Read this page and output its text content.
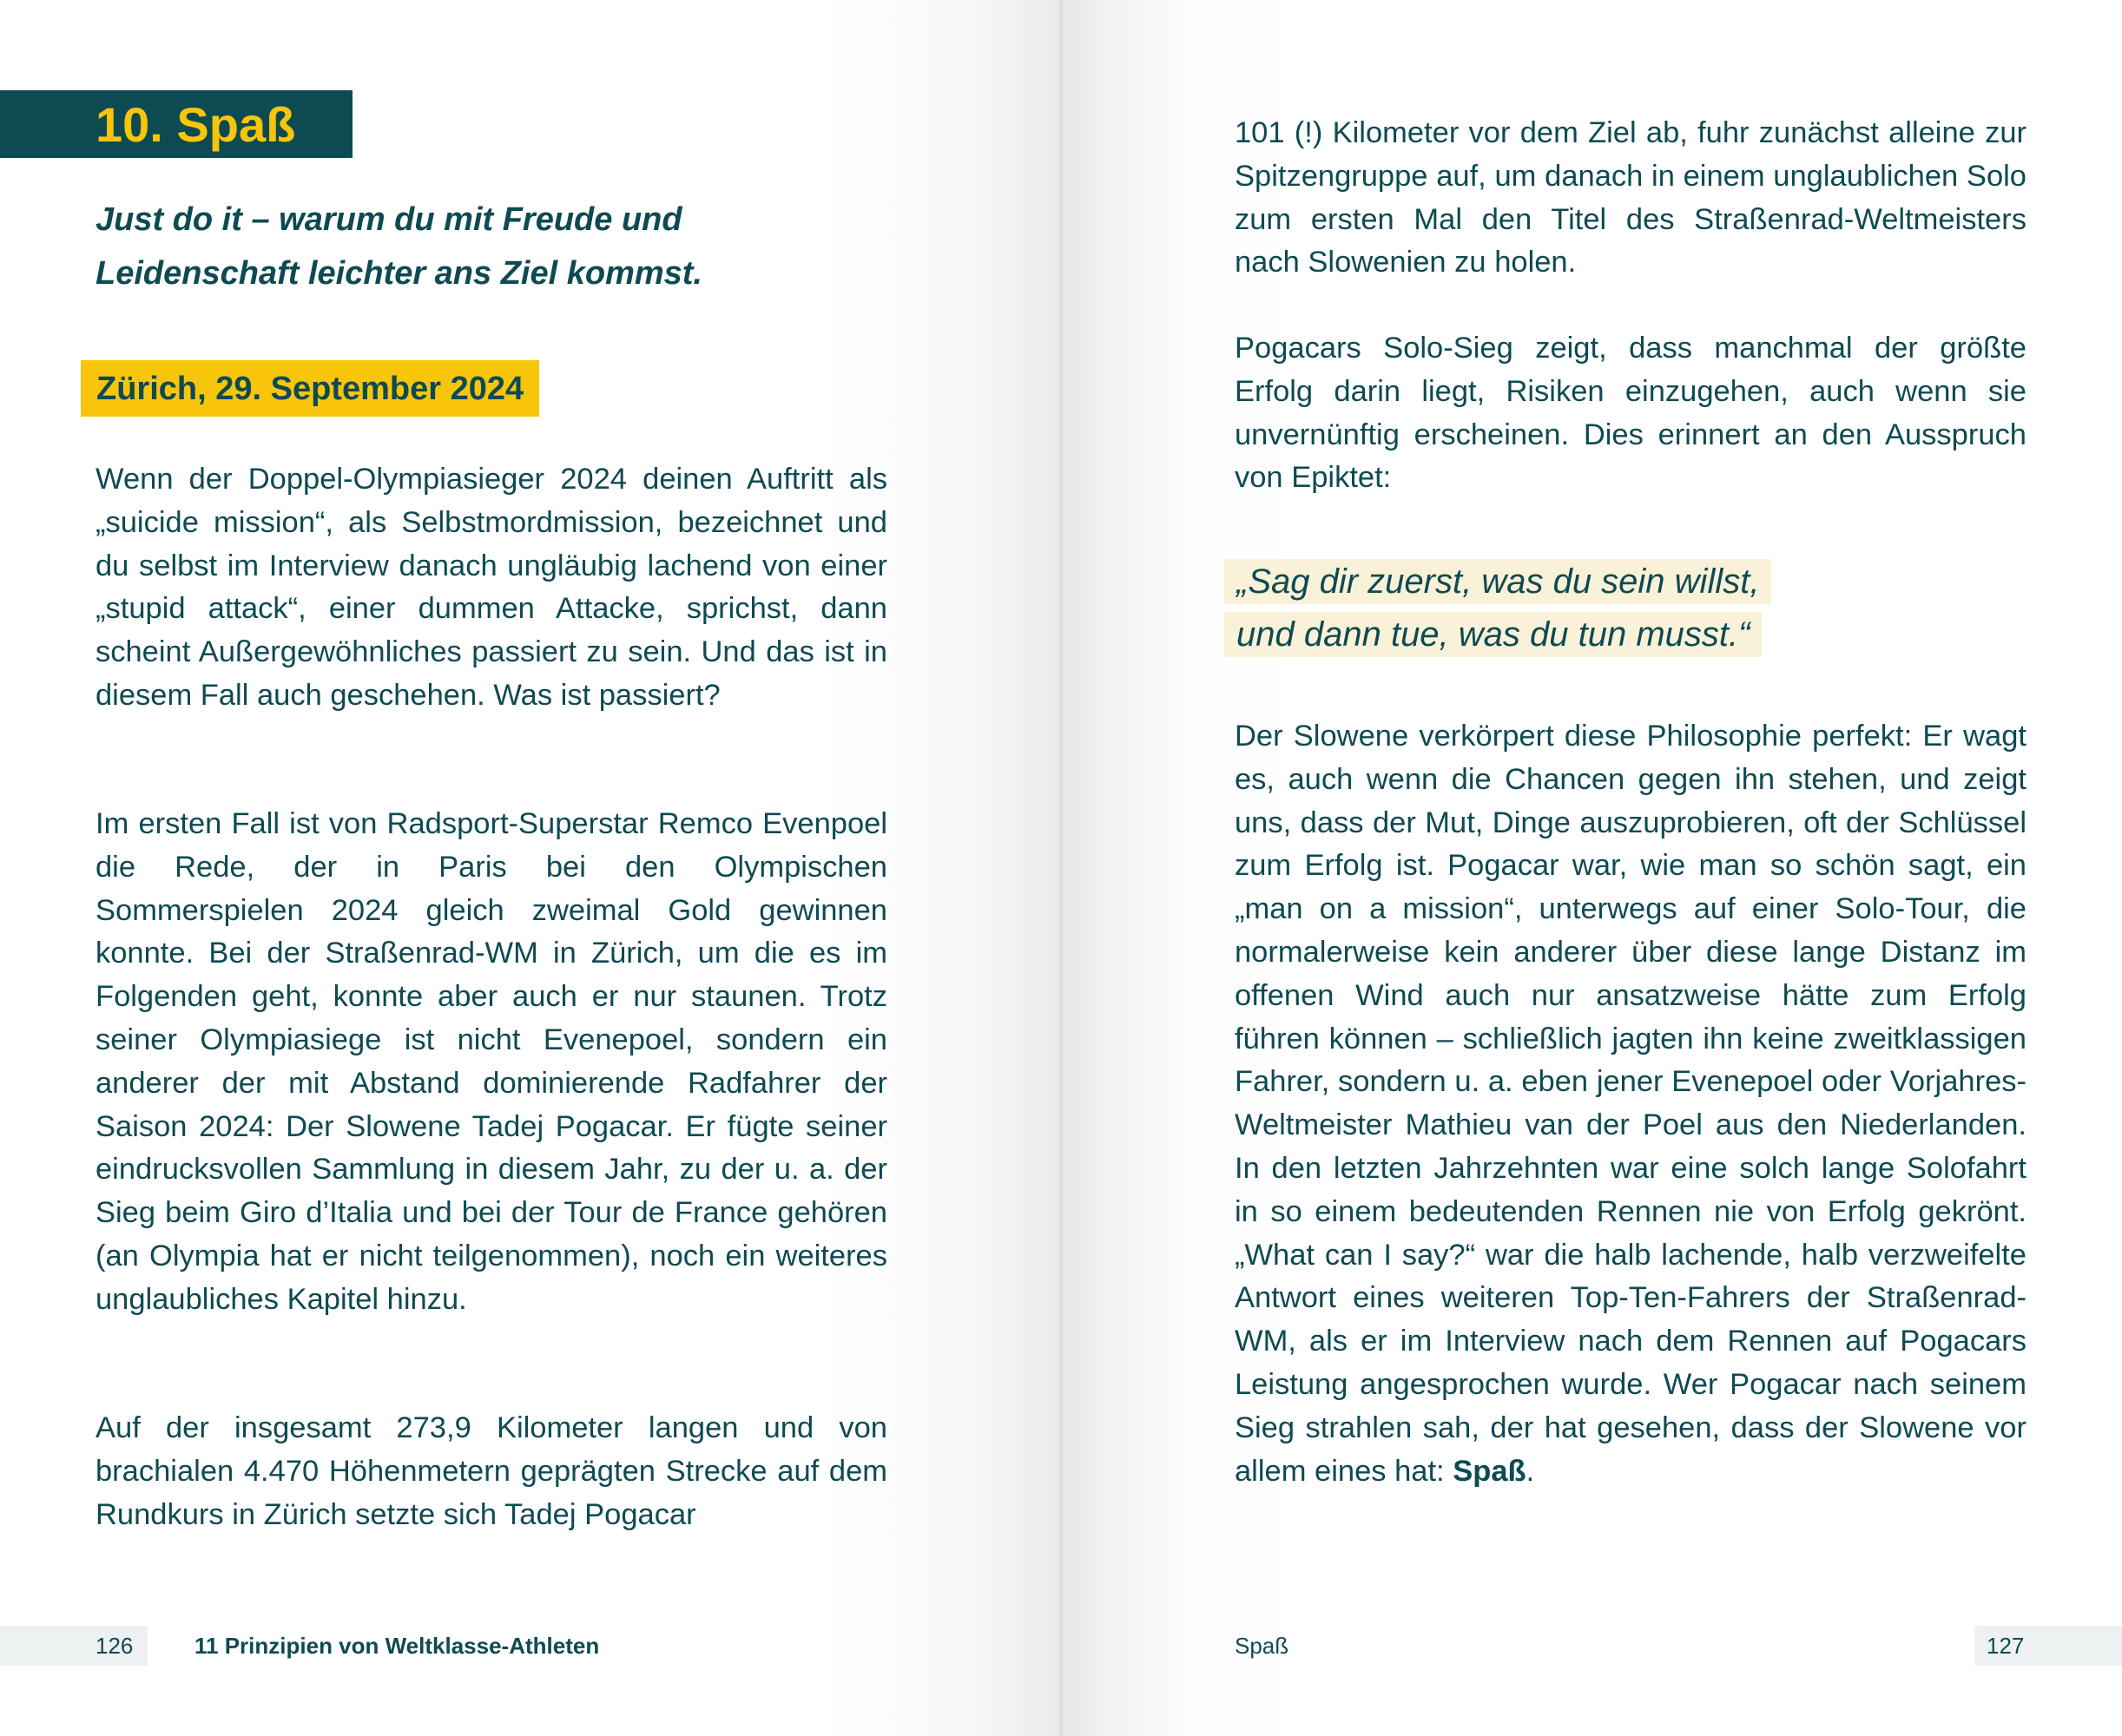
10. Spaß
Just do it – warum du mit Freude und
Leidenschaft leichter ans Ziel kommst.
Zürich, 29. September 2024

Wenn der Doppel-Olympiasieger 2024 deinen Auftritt als „suicide mission“, als Selbstmordmission, bezeichnet und du selbst im Interview danach ungläubig lachend von einer „stupid attack“, einer dummen Attacke, sprichst, dann scheint Außergewöhnliches passiert zu sein. Und das ist in diesem Fall auch geschehen. Was ist passiert?

Im ersten Fall ist von Radsport-Superstar Remco Evenpoel die Rede, der in Paris bei den Olympischen Sommerspielen 2024 gleich zweimal Gold gewinnen konnte. Bei der Straßenrad-WM in Zürich, um die es im Folgenden geht, konnte aber auch er nur staunen. Trotz seiner Olympiasiege ist nicht Evenepoel, sondern ein anderer der mit Abstand dominierende Radfahrer der Saison 2024: Der Slowene Tadej Pogacar. Er fügte seiner eindrucksvollen Sammlung in diesem Jahr, zu der u. a. der Sieg beim Giro d’Italia und bei der Tour de France gehören (an Olympia hat er nicht teilgenommen), noch ein weiteres unglaubliches Kapitel hinzu.

Auf der insgesamt 273,9 Kilometer langen und von brachialen 4.470 Höhenmetern geprägten Strecke auf dem Rundkurs in Zürich setzte sich Tadej Pogacar

126	11 Prinzipien von Weltklasse-Athleten	Spaß	127

101 (!) Kilometer vor dem Ziel ab, fuhr zunächst alleine zur Spitzengruppe auf, um danach in einem unglaublichen Solo zum ersten Mal den Titel des Straßenrad-Weltmeisters nach Slowenien zu holen.

Pogacars Solo-Sieg zeigt, dass manchmal der größte Erfolg darin liegt, Risiken einzugehen, auch wenn sie unvernünftig erscheinen. Dies erinnert an den Ausspruch von Epiktet:

„Sag dir zuerst, was du sein willst,
und dann tue, was du tun musst.“

Der Slowene verkörpert diese Philosophie perfekt: Er wagt es, auch wenn die Chancen gegen ihn stehen, und zeigt uns, dass der Mut, Dinge auszuprobieren, oft der Schlüssel zum Erfolg ist. Pogacar war, wie man so schön sagt, ein „man on a mission“, unterwegs auf einer Solo-Tour, die normalerweise kein anderer über diese lange Distanz im offenen Wind auch nur ansatzweise hätte zum Erfolg führen können – schließlich jagten ihn keine zweitklassigen Fahrer, sondern u. a. eben jener Evenepoel oder Vorjahres-Weltmeister Mathieu van der Poel aus den Niederlanden. In den letzten Jahrzehnten war eine solch lange Solofahrt in so einem bedeutenden Rennen nie von Erfolg gekrönt. „What can I say?“ war die halb lachende, halb verzweifelte Antwort eines weiteren Top-Ten-Fahrers der Straßenrad-WM, als er im Interview nach dem Rennen auf Pogacars Leistung angesprochen wurde. Wer Pogacar nach seinem Sieg strahlen sah, der hat gesehen, dass der Slowene vor allem eines hat: Spaß.
